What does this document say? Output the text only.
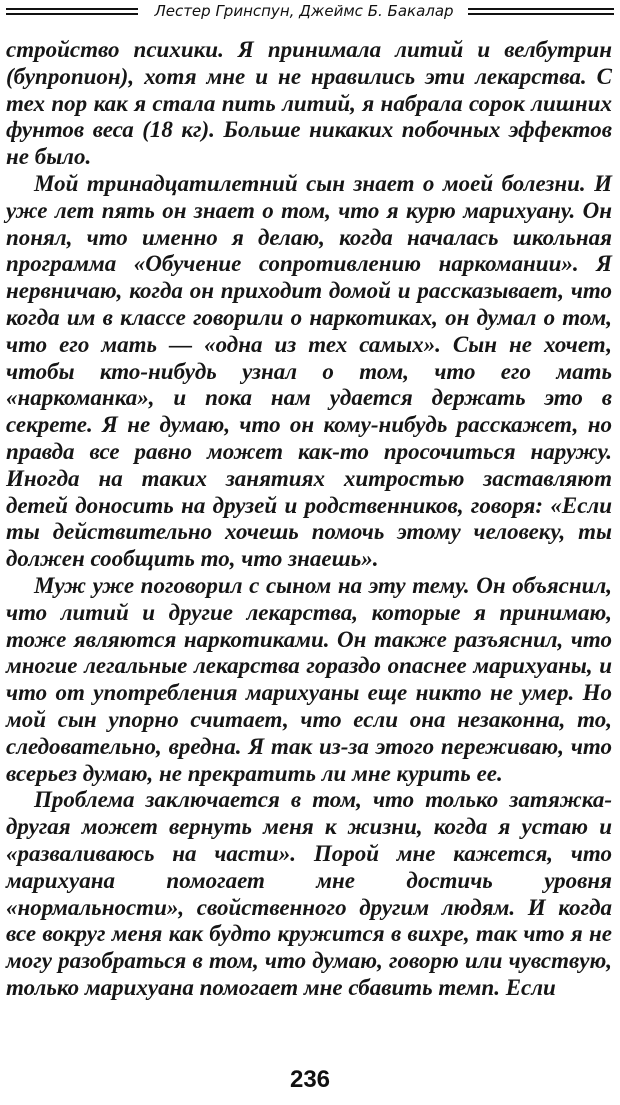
Лестер Гринспун, Джеймс Б. Бакалар

стройство психики. Я принимала литий и велбутрин (бупропион), хотя мне и не нравились эти лекарства. С тех пор как я стала пить литий, я набрала сорок лишних фунтов веса (18 кг). Больше никаких побочных эффектов не было.

Мой тринадцатилетний сын знает о моей болезни. И уже лет пять он знает о том, что я курю марихуану. Он понял, что именно я делаю, когда началась школьная программа «Обучение сопротивлению наркомании». Я нервничаю, когда он приходит домой и рассказывает, что когда им в классе говорили о наркотиках, он думал о том, что его мать — «одна из тех самых». Сын не хочет, чтобы кто-нибудь узнал о том, что его мать «наркоманка», и пока нам удается держать это в секрете. Я не думаю, что он кому-нибудь расскажет, но правда все равно может как-то просочиться наружу. Иногда на таких занятиях хитростью заставляют детей доносить на друзей и родственников, говоря: «Если ты действительно хочешь помочь этому человеку, ты должен сообщить то, что знаешь».

Муж уже поговорил с сыном на эту тему. Он объяснил, что литий и другие лекарства, которые я принимаю, тоже являются наркотиками. Он также разъяснил, что многие легальные лекарства гораздо опаснее марихуаны, и что от употребления марихуаны еще никто не умер. Но мой сын упорно считает, что если она незаконна, то, следовательно, вредна. Я так из-за этого переживаю, что всерьез думаю, не прекратить ли мне курить ее.

Проблема заключается в том, что только затяжка-другая может вернуть меня к жизни, когда я устаю и «разваливаюсь на части». Порой мне кажется, что марихуана помогает мне достичь уровня «нормальности», свойственного другим людям. И когда все вокруг меня как будто кружится в вихре, так что я не могу разобраться в том, что думаю, говорю или чувствую, только марихуана помогает мне сбавить темп. Если

236
